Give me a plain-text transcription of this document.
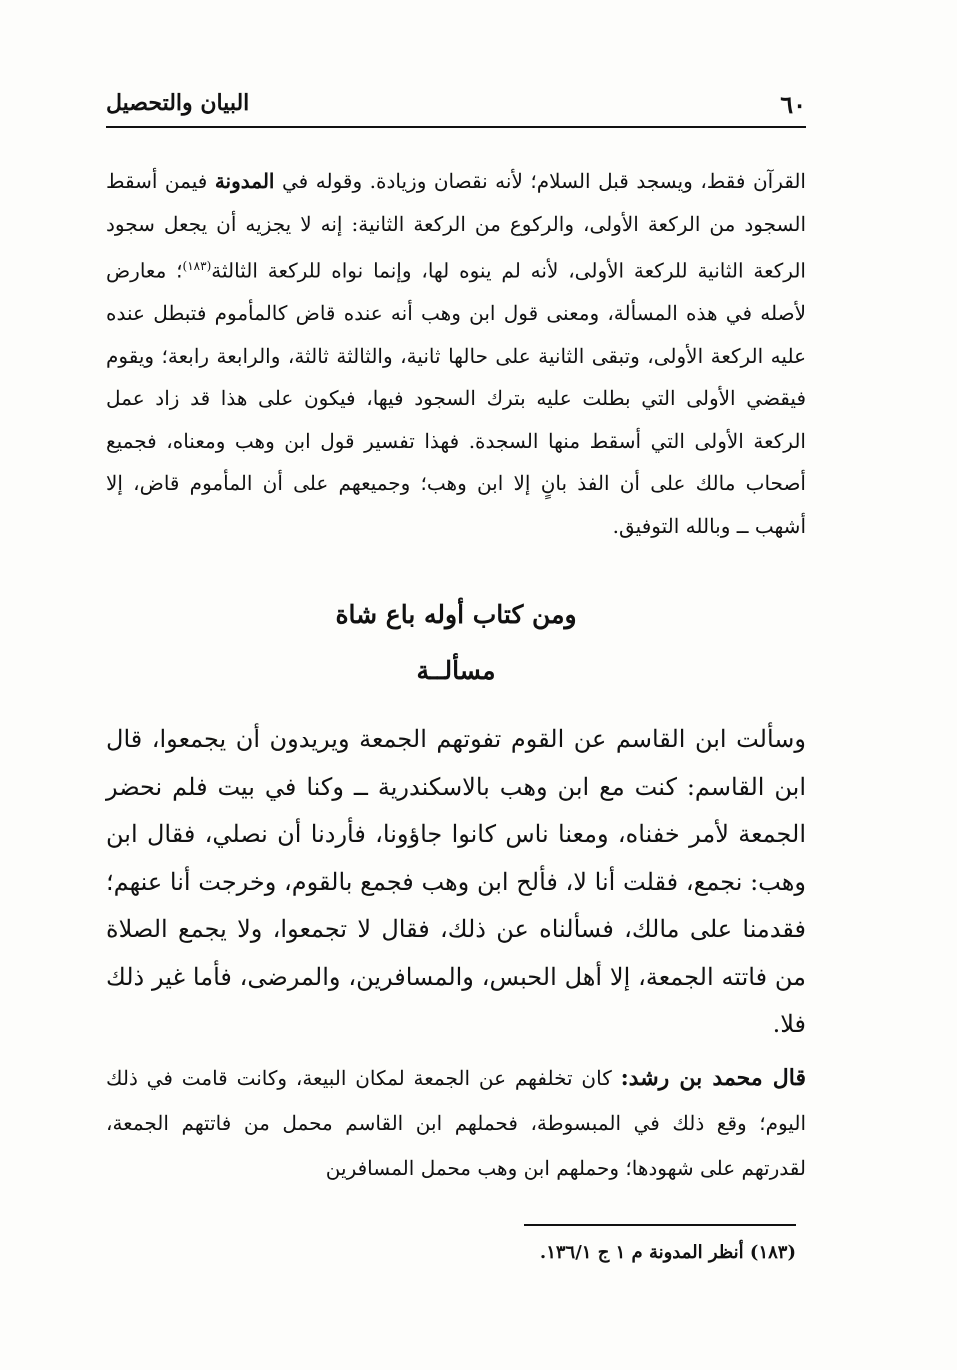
٦٠
البيان والتحصيل

القرآن فقط، ويسجد قبل السلام؛ لأنه نقصان وزيادة. وقوله في المدونة فيمن أسقط السجود من الركعة الأولى، والركوع من الركعة الثانية: إنه لا يجزيه أن يجعل سجود الركعة الثانية للركعة الأولى، لأنه لم ينوه لها، وإنما نواه للركعة الثالثة$^{(١٨٣)}$؛ معارض لأصله في هذه المسألة، ومعنى قول ابن وهب أنه عنده قاض كالمأموم فتبطل عنده عليه الركعة الأولى، وتبقى الثانية على حالها ثانية، والثالثة ثالثة، والرابعة رابعة؛ ويقوم فيقضي الأولى التي بطلت عليه بترك السجود فيها، فيكون على هذا قد زاد عمل الركعة الأولى التي أسقط منها السجدة. فهذا تفسير قول ابن وهب ومعناه، فجميع أصحاب مالك على أن الفذ بانٍ إلا ابن وهب؛ وجميعهم على أن المأموم قاض، إلا أشهب ــ وبالله التوفيق.

ومن كتاب أوله باع شاة
مسألــة

وسألت ابن القاسم عن القوم تفوتهم الجمعة ويريدون أن يجمعوا، قال ابن القاسم: كنت مع ابن وهب بالاسكندرية ــ وكنا في بيت فلم نحضر الجمعة لأمر خفناه، ومعنا ناس كانوا جاؤونا، فأردنا أن نصلي، فقال ابن وهب: نجمع، فقلت أنا لا، فألح ابن وهب فجمع بالقوم، وخرجت أنا عنهم؛ فقدمنا على مالك، فسألناه عن ذلك، فقال لا تجمعوا، ولا يجمع الصلاة من فاتته الجمعة، إلا أهل الحبس، والمسافرين، والمرضى، فأما غير ذلك فلا.

قال محمد بن رشد: كان تخلفهم عن الجمعة لمكان البيعة، وكانت قامت في ذلك اليوم؛ وقع ذلك في المبسوطة، فحملهم ابن القاسم محمل من فاتتهم الجمعة، لقدرتهم على شهودها؛ وحملهم ابن وهب محمل المسافرين

(١٨٣) أنظر المدونة م ١ ج ١٣٦/١.
